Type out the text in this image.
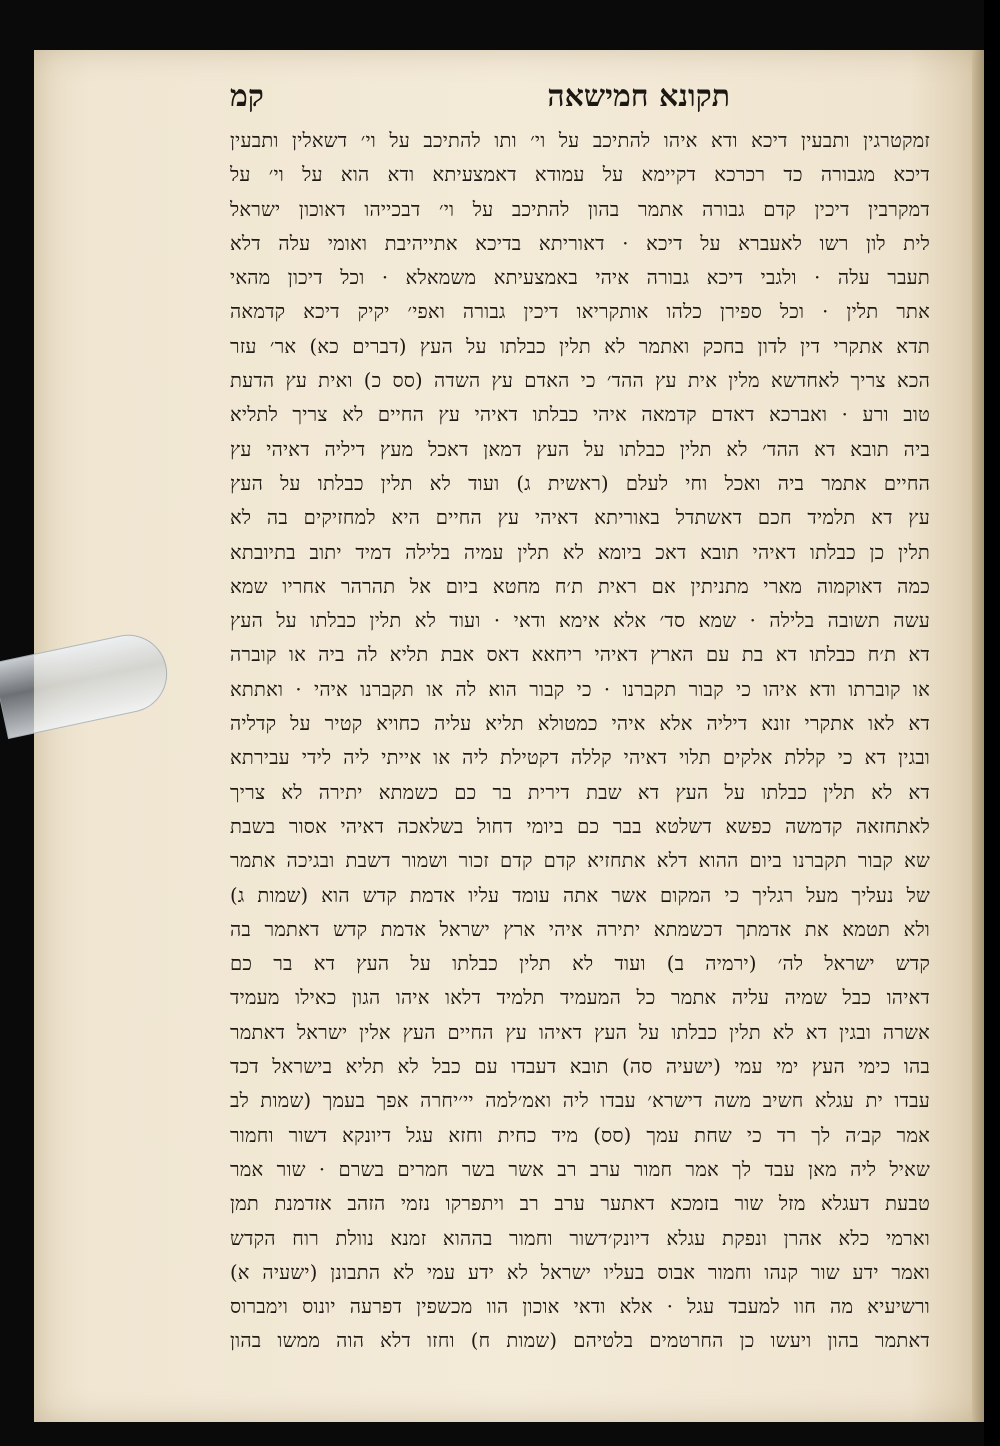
תקונא חמישאה
קמ
זמקטרגין ותבעין דיכא ודא איהו להתיכב על וי׳ ותו להתיכב על וי׳ דשאלין ותבעין
דיכא מגבורה כד רכרכא דקיימא על עמודא דאמצעיתא ודא הוא על וי׳ על
דמקרבין דיכין קדם גבורה אתמר בהון להתיכב על וי׳ דבכייהו דאוכון ישראל
לית לון רשו לאעברא על דיכא · דאוריתא בדיכא אתייהיבת ואומי עלה דלא
תעבר עלה · ולגבי דיכא גבורה איהי באמצעיתא משמאלא · וכל דיכון מהאי
אתר תלין · וכל ספירן כלהו אותקריאו דיכין גבורה ואפי׳ יקיק דיכא קדמאה
תדא אתקרי דין לדון בחכק ואתמר לא תלין כבלתו על העץ (דברים כא) אר׳ עזר
הכא צריך לאחדשא מלין אית עץ ההד׳ כי האדם עץ השדה (סס כ) ואית עץ הדעת
טוב ורע · ואברכא דאדם קדמאה איהי כבלתו דאיהי עץ החיים לא צריך לתליא
ביה תובא דא ההד׳ לא תלין כבלתו על העץ דמאן דאכל מעץ דיליה דאיהי עץ
החיים אתמר ביה ואכל וחי לעלם (ראשית ג) ועוד לא תלין כבלתו על העץ
עץ דא תלמיד חכם דאשתדל באוריתא דאיהי עץ החיים היא למחזיקים בה לא
תלין כן כבלתו דאיהי תובא דאכ ביומא לא תלין עמיה בלילה דמיד יתוב בתיובתא
כמה דאוקמוה מארי מתניתין אם ראית ת׳ח מחטא ביום אל תהרהר אחריו שמא
עשה תשובה בלילה · שמא סד׳ אלא אימא ודאי · ועוד לא תלין כבלתו על העץ
דא ת׳ח כבלתו דא בת עם הארץ דאיהי ריחאא דאס אבת תליא לה ביה או קוברה
או קוברתו ודא איהו כי קבור תקברנו · כי קבור הוא לה או תקברנו איהי · ואתתא
דא לאו אתקרי זונא דיליה אלא איהי כמטולא תליא עליה כחויא קטיר על קדליה
ובגין דא כי קללת אלקים תלוי דאיהי קללה דקטילת ליה או אייתי ליה לידי עבירתא
דא לא תלין כבלתו על העץ דא שבת דירית בר כם כשמתא יתירה לא צריך
לאתחזאה קדמשה כפשא דשלטא בבר כם ביומי דחול בשלאכה דאיהי אסור בשבת
שא קבור תקברנו ביום ההוא דלא אתחזיא קדם קדם זכור ושמור דשבת ובגיכה אתמר
של נעליך מעל רגליך כי המקום אשר אתה עומד עליו אדמת קדש הוא (שמות ג)
ולא תטמא את אדמתך דכשמתא יתירה איהי ארץ ישראל אדמת קדש דאתמר בה
קדש ישראל לה׳ (ירמיה ב) ועוד לא תלין כבלתו על העץ דא בר כם
דאיהו כבל שמיה עליה אתמר כל המעמיד תלמיד דלאו איהו הגון כאילו מעמיד
אשרה ובגין דא לא תלין כבלתו על העץ דאיהו עץ החיים העץ אלין ישראל דאתמר
בהו כימי העץ ימי עמי (ישעיה סה) תובא דעבדו עם כבל לא תליא בישראל דכד
עבדו ית עגלא חשיב משה דישרא׳ עבדו ליה ואמ׳למה יי׳יחרה אפך בעמך (שמות לב
אמר קב׳ה לך רד כי שחת עמך (סס) מיד כחית וחזא עגל דיונקא דשור וחמור
שאיל ליה מאן עבד לך אמר חמור ערב רב אשר בשר חמרים בשרם · שור אמר
טבעת דעגלא מזל שור בזמכא דאתער ערב רב ויתפרקו נזמי הזהב אזדמנת תמן
וארמי כלא אהרן ונפקת עגלא דיונק׳דשור וחמור בההוא זמנא נוולת רוח הקדש
ואמר ידע שור קנהו וחמור אבוס בעליו ישראל לא ידע עמי לא התבונן (ישעיה א)
ורשיעיא מה חוו למעבד עגל · אלא ודאי אוכון הוו מכשפין דפרעה יונוס וימברוס
דאתמר בהון ויעשו כן החרטמים בלטיהם (שמות ח) וחזו דלא הוה ממשו בהון
